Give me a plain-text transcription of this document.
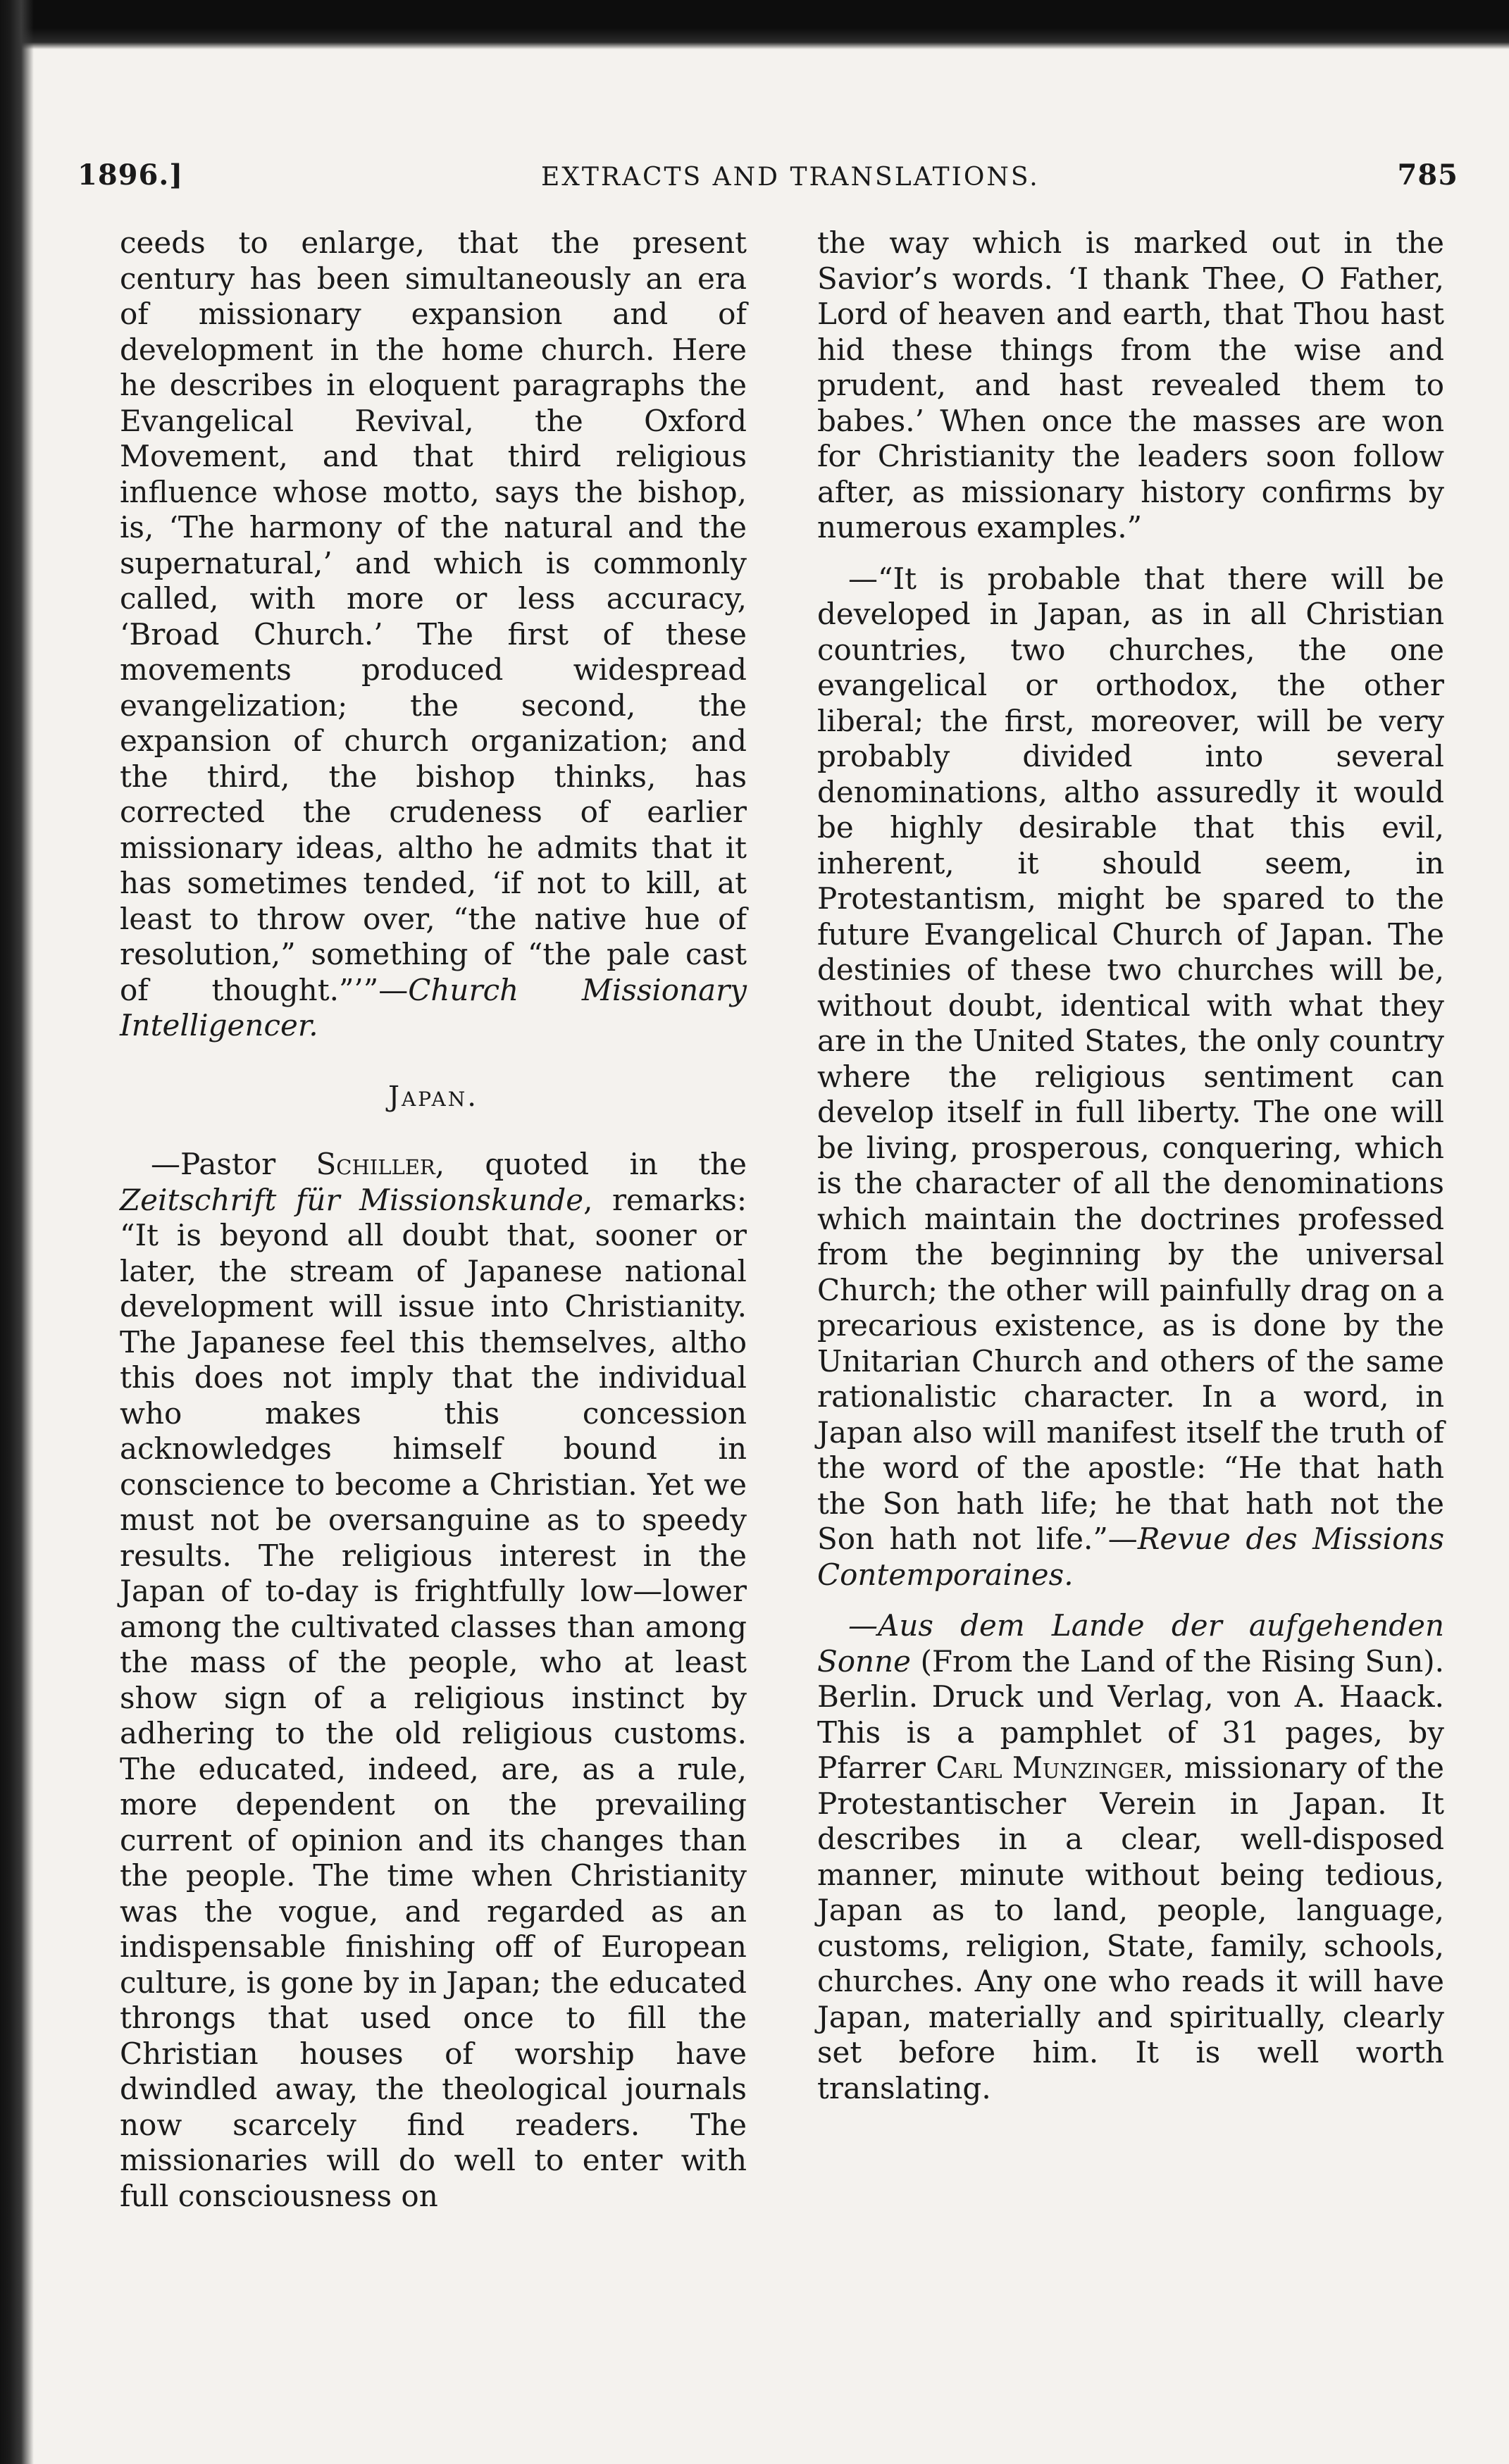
1896.]	EXTRACTS AND TRANSLATIONS.	785

ceeds to enlarge, that the present century has been simultaneously an era of missionary expansion and of development in the home church. Here he describes in eloquent paragraphs the Evangelical Revival, the Oxford Movement, and that third religious influence whose motto, says the bishop, is, ‘The harmony of the natural and the supernatural,’ and which is commonly called, with more or less accuracy, ‘Broad Church.’ The first of these movements produced widespread evangelization; the second, the expansion of church organization; and the third, the bishop thinks, has corrected the crudeness of earlier missionary ideas, altho he admits that it has sometimes tended, ‘if not to kill, at least to throw over, “the native hue of resolution,” something of “the pale cast of thought.”’”—Church Missionary Intelligencer.

Japan.

—Pastor Schiller, quoted in the Zeitschrift für Missionskunde, remarks: “It is beyond all doubt that, sooner or later, the stream of Japanese national development will issue into Christianity. The Japanese feel this themselves, altho this does not imply that the individual who makes this concession acknowledges himself bound in conscience to become a Christian. Yet we must not be oversanguine as to speedy results. The religious interest in the Japan of to-day is frightfully low—lower among the cultivated classes than among the mass of the people, who at least show sign of a religious instinct by adhering to the old religious customs. The educated, indeed, are, as a rule, more dependent on the prevailing current of opinion and its changes than the people. The time when Christianity was the vogue, and regarded as an indispensable finishing off of European culture, is gone by in Japan; the educated throngs that used once to fill the Christian houses of worship have dwindled away, the theological journals now scarcely find readers. The missionaries will do well to enter with full consciousness on

the way which is marked out in the Savior’s words. ‘I thank Thee, O Father, Lord of heaven and earth, that Thou hast hid these things from the wise and prudent, and hast revealed them to babes.’ When once the masses are won for Christianity the leaders soon follow after, as missionary history confirms by numerous examples.”

—“It is probable that there will be developed in Japan, as in all Christian countries, two churches, the one evangelical or orthodox, the other liberal; the first, moreover, will be very probably divided into several denominations, altho assuredly it would be highly desirable that this evil, inherent, it should seem, in Protestantism, might be spared to the future Evangelical Church of Japan. The destinies of these two churches will be, without doubt, identical with what they are in the United States, the only country where the religious sentiment can develop itself in full liberty. The one will be living, prosperous, conquering, which is the character of all the denominations which maintain the doctrines professed from the beginning by the universal Church; the other will painfully drag on a precarious existence, as is done by the Unitarian Church and others of the same rationalistic character. In a word, in Japan also will manifest itself the truth of the word of the apostle: “He that hath the Son hath life; he that hath not the Son hath not life.”—Revue des Missions Contemporaines.

—Aus dem Lande der aufgehenden Sonne (From the Land of the Rising Sun). Berlin. Druck und Verlag, von A. Haack. This is a pamphlet of 31 pages, by Pfarrer Carl Munzinger, missionary of the Protestantischer Verein in Japan. It describes in a clear, well-disposed manner, minute without being tedious, Japan as to land, people, language, customs, religion, State, family, schools, churches. Any one who reads it will have Japan, materially and spiritually, clearly set before him. It is well worth translating.
